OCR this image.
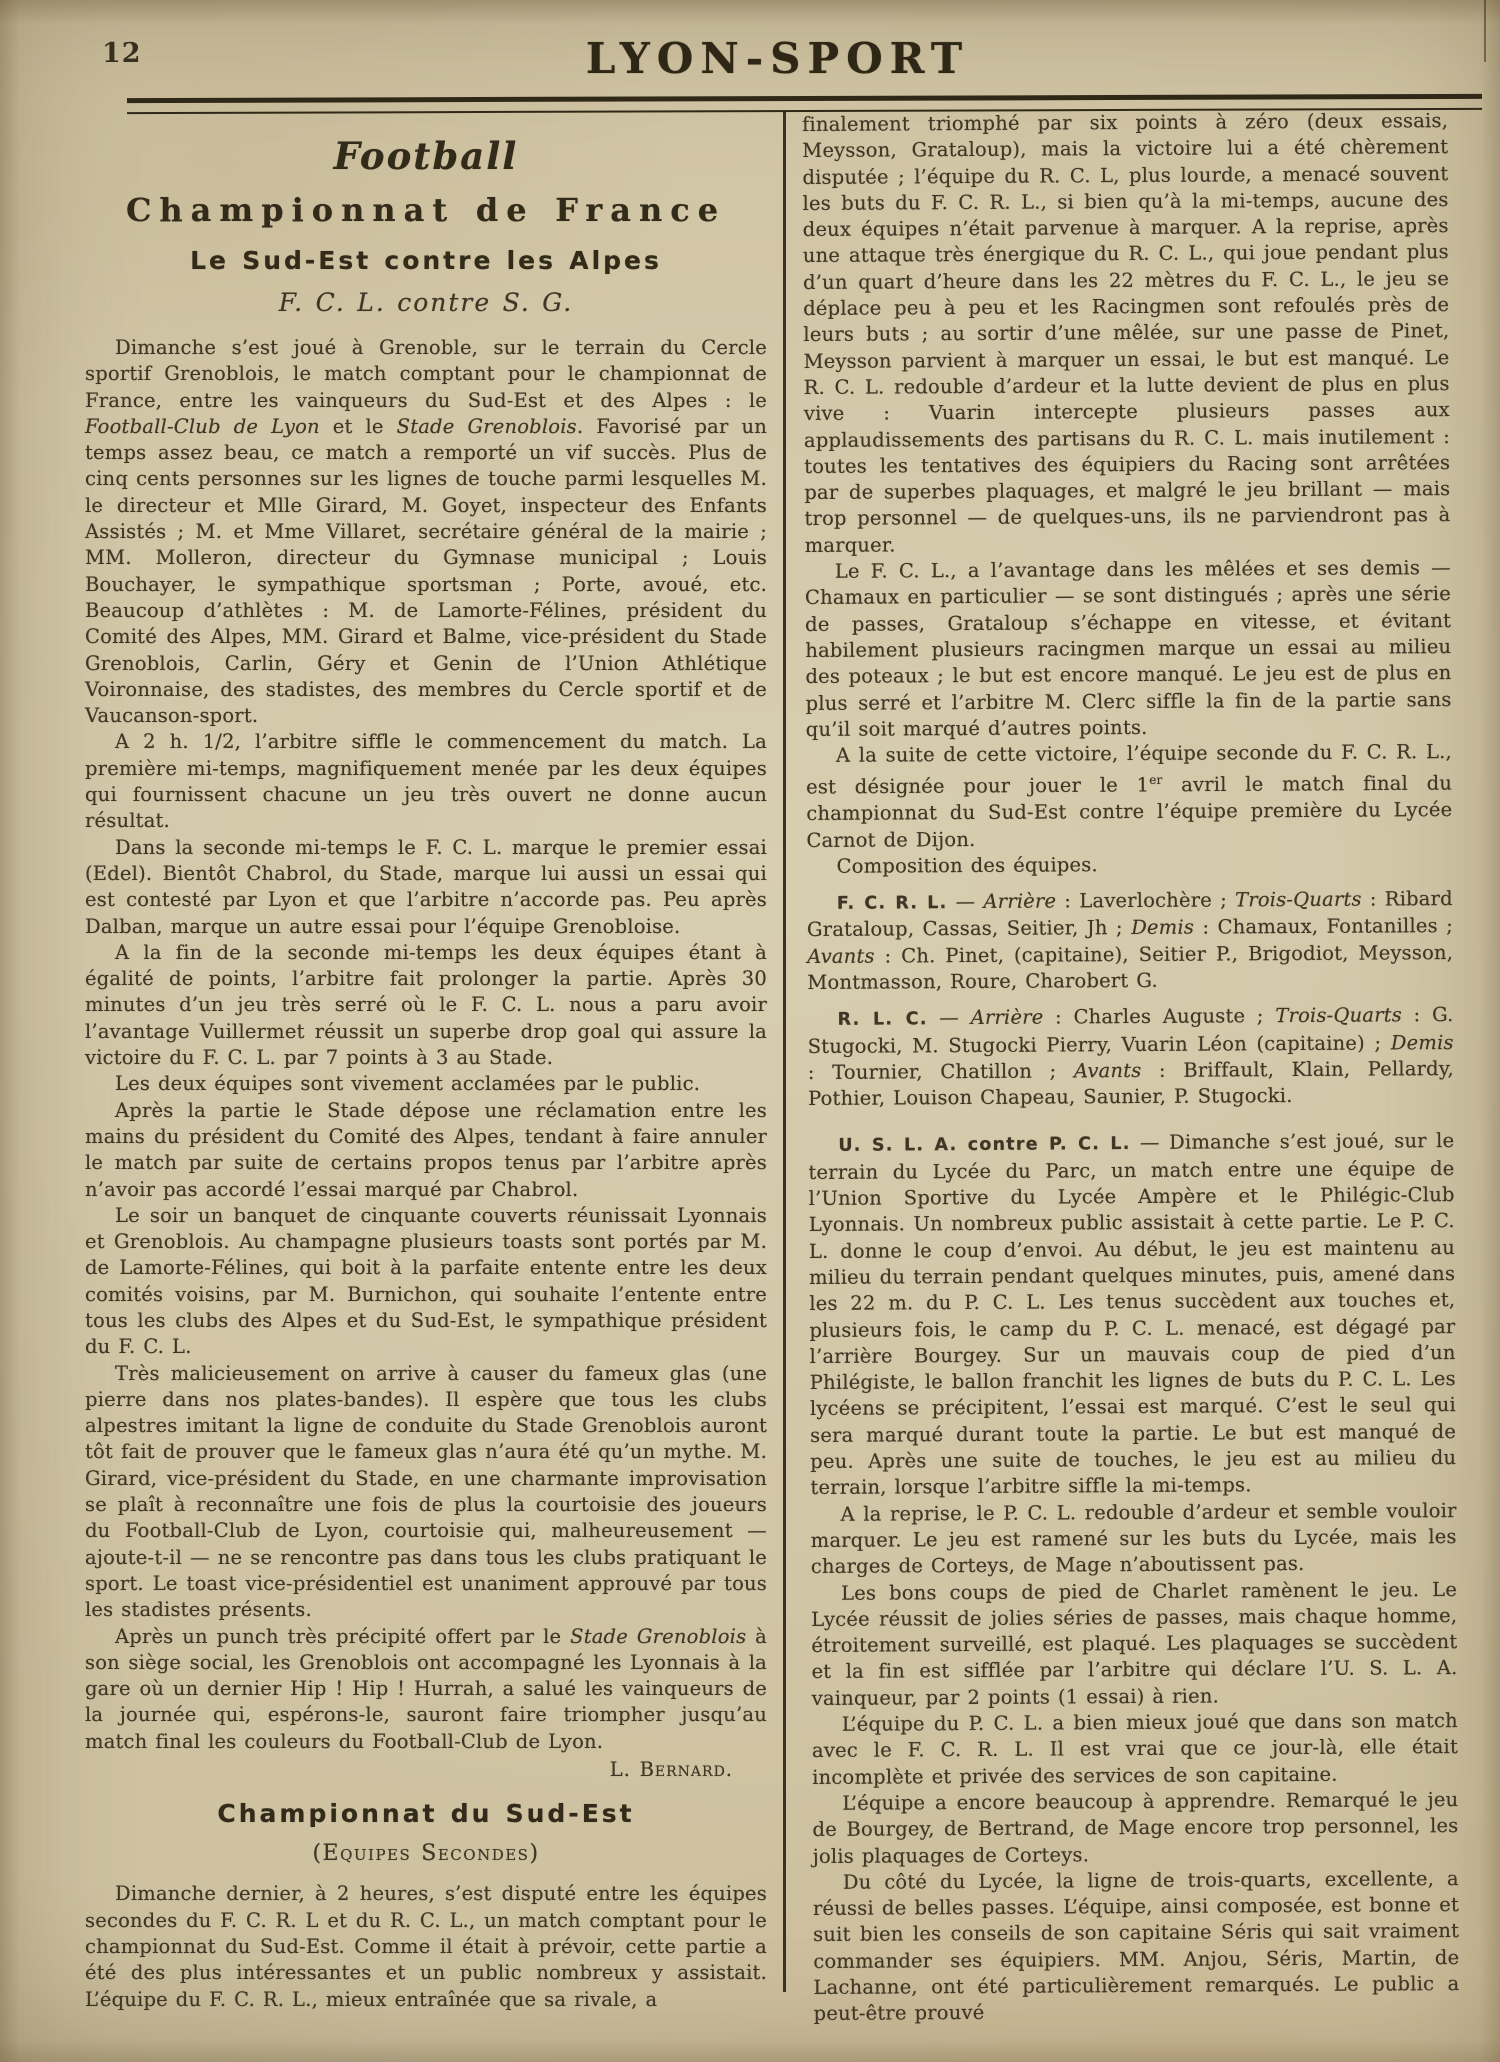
12	LYON-SPORT
Football
Championnat de France
Le Sud-Est contre les Alpes
F. C. L. contre S. G.

Dimanche s’est joué à Grenoble, sur le terrain du Cercle sportif Grenoblois, le match comptant pour le championnat de France, entre les vainqueurs du Sud-Est et des Alpes : le Football-Club de Lyon et le Stade Grenoblois. Favorisé par un temps assez beau, ce match a remporté un vif succès. Plus de cinq cents personnes sur les lignes de touche parmi lesquelles M. le directeur et Mlle Girard, M. Goyet, inspecteur des Enfants Assistés ; M. et Mme Villaret, secrétaire général de la mairie ; MM. Molleron, directeur du Gymnase municipal ; Louis Bouchayer, le sympathique sportsman ; Porte, avoué, etc. Beaucoup d’athlètes : M. de Lamorte-Félines, président du Comité des Alpes, MM. Girard et Balme, vice-président du Stade Grenoblois, Carlin, Géry et Genin de l’Union Athlétique Voironnaise, des stadistes, des membres du Cercle sportif et de Vaucanson-sport.

A 2 h. 1/2, l’arbitre siffle le commencement du match. La première mi-temps, magnifiquement menée par les deux équipes qui fournissent chacune un jeu très ouvert ne donne aucun résultat.

Dans la seconde mi-temps le F. C. L. marque le premier essai (Edel). Bientôt Chabrol, du Stade, marque lui aussi un essai qui est contesté par Lyon et que l’arbitre n’accorde pas. Peu après Dalban, marque un autre essai pour l’équipe Grenobloise.

A la fin de la seconde mi-temps les deux équipes étant à égalité de points, l’arbitre fait prolonger la partie. Après 30 minutes d’un jeu très serré où le F. C. L. nous a paru avoir l’avantage Vuillermet réussit un superbe drop goal qui assure la victoire du F. C. L. par 7 points à 3 au Stade.

Les deux équipes sont vivement acclamées par le public.

Après la partie le Stade dépose une réclamation entre les mains du président du Comité des Alpes, tendant à faire annuler le match par suite de certains propos tenus par l’arbitre après n’avoir pas accordé l’essai marqué par Chabrol.

Le soir un banquet de cinquante couverts réunissait Lyonnais et Grenoblois. Au champagne plusieurs toasts sont portés par M. de Lamorte-Félines, qui boit à la parfaite entente entre les deux comités voisins, par M. Burnichon, qui souhaite l’entente entre tous les clubs des Alpes et du Sud-Est, le sympathique président du F. C. L.

Très malicieusement on arrive à causer du fameux glas (une pierre dans nos plates-bandes). Il espère que tous les clubs alpestres imitant la ligne de conduite du Stade Grenoblois auront tôt fait de prouver que le fameux glas n’aura été qu’un mythe. M. Girard, vice-président du Stade, en une charmante improvisation se plaît à reconnaître une fois de plus la courtoisie des joueurs du Football-Club de Lyon, courtoisie qui, malheureusement — ajoute-t-il — ne se rencontre pas dans tous les clubs pratiquant le sport. Le toast vice-présidentiel est unaniment approuvé par tous les stadistes présents.

Après un punch très précipité offert par le Stade Grenoblois à son siège social, les Grenoblois ont accompagné les Lyonnais à la gare où un dernier Hip ! Hip ! Hurrah, a salué les vainqueurs de la journée qui, espérons-le, sauront faire triompher jusqu’au match final les couleurs du Football-Club de Lyon.

L. Bernard.
Championnat du Sud-Est
(Equipes Secondes)

Dimanche dernier, à 2 heures, s’est disputé entre les équipes secondes du F. C. R. L et du R. C. L., un match comptant pour le championnat du Sud-Est. Comme il était à prévoir, cette partie a été des plus intéressantes et un public nombreux y assistait. L’équipe du F. C. R. L., mieux entraînée que sa rivale, a

finalement triomphé par six points à zéro (deux essais, Meysson, Grataloup), mais la victoire lui a été chèrement disputée ; l’équipe du R. C. L, plus lourde, a menacé souvent les buts du F. C. R. L., si bien qu’à la mi-temps, aucune des deux équipes n’était parvenue à marquer. A la reprise, après une attaque très énergique du R. C. L., qui joue pendant plus d’un quart d’heure dans les 22 mètres du F. C. L., le jeu se déplace peu à peu et les Racingmen sont refoulés près de leurs buts ; au sortir d’une mêlée, sur une passe de Pinet, Meysson parvient à marquer un essai, le but est manqué. Le R. C. L. redouble d’ardeur et la lutte devient de plus en plus vive : Vuarin intercepte plusieurs passes aux applaudissements des partisans du R. C. L. mais inutilement : toutes les tentatives des équipiers du Racing sont arrêtées par de superbes plaquages, et malgré le jeu brillant — mais trop personnel — de quelques-uns, ils ne parviendront pas à marquer.

Le F. C. L., a l’avantage dans les mêlées et ses demis — Chamaux en particulier — se sont distingués ; après une série de passes, Grataloup s’échappe en vitesse, et évitant habilement plusieurs racingmen marque un essai au milieu des poteaux ; le but est encore manqué. Le jeu est de plus en plus serré et l’arbitre M. Clerc siffle la fin de la partie sans qu’il soit marqué d’autres points.

A la suite de cette victoire, l’équipe seconde du F. C. R. L., est désignée pour jouer le 1er avril le match final du championnat du Sud-Est contre l’équipe première du Lycée Carnot de Dijon.

Composition des équipes.

F. C. R. L. — Arrière : Laverlochère ; Trois-Quarts : Ribard Grataloup, Cassas, Seitier, Jh ; Demis : Chamaux, Fontanilles ; Avants : Ch. Pinet, (capitaine), Seitier P., Brigodiot, Meysson, Montmasson, Roure, Charobert G.

R. L. C. — Arrière : Charles Auguste ; Trois-Quarts : G. Stugocki, M. Stugocki Pierry, Vuarin Léon (capitaine) ; Demis : Tournier, Chatillon ; Avants : Briffault, Klain, Pellardy, Pothier, Louison Chapeau, Saunier, P. Stugocki.

U. S. L. A. contre P. C. L. — Dimanche s’est joué, sur le terrain du Lycée du Parc, un match entre une équipe de l’Union Sportive du Lycée Ampère et le Philégic-Club Lyonnais. Un nombreux public assistait à cette partie. Le P. C. L. donne le coup d’envoi. Au début, le jeu est maintenu au milieu du terrain pendant quelques minutes, puis, amené dans les 22 m. du P. C. L. Les tenus succèdent aux touches et, plusieurs fois, le camp du P. C. L. menacé, est dégagé par l’arrière Bourgey. Sur un mauvais coup de pied d’un Philégiste, le ballon franchit les lignes de buts du P. C. L. Les lycéens se précipitent, l’essai est marqué. C’est le seul qui sera marqué durant toute la partie. Le but est manqué de peu. Après une suite de touches, le jeu est au milieu du terrain, lorsque l’arbitre siffle la mi-temps.

A la reprise, le P. C. L. redouble d’ardeur et semble vouloir marquer. Le jeu est ramené sur les buts du Lycée, mais les charges de Corteys, de Mage n’aboutissent pas.

Les bons coups de pied de Charlet ramènent le jeu. Le Lycée réussit de jolies séries de passes, mais chaque homme, étroitement surveillé, est plaqué. Les plaquages se succèdent et la fin est sifflée par l’arbitre qui déclare l’U. S. L. A. vainqueur, par 2 points (1 essai) à rien.

L’équipe du P. C. L. a bien mieux joué que dans son match avec le F. C. R. L. Il est vrai que ce jour-là, elle était incomplète et privée des services de son capitaine.

L’équipe a encore beaucoup à apprendre. Remarqué le jeu de Bourgey, de Bertrand, de Mage encore trop personnel, les jolis plaquages de Corteys.

Du côté du Lycée, la ligne de trois-quarts, excellente, a réussi de belles passes. L’équipe, ainsi composée, est bonne et suit bien les conseils de son capitaine Séris qui sait vraiment commander ses équipiers. MM. Anjou, Séris, Martin, de Lachanne, ont été particulièrement remarqués. Le public a peut-être prouvé
